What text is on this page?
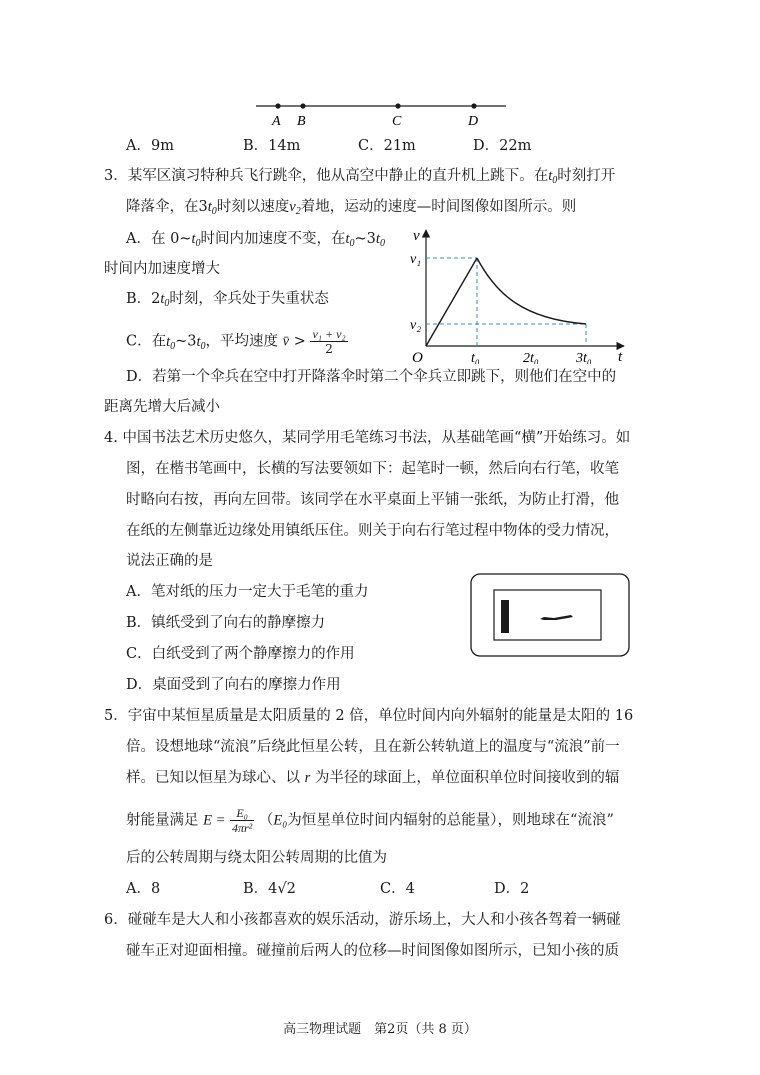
A B	C	D
A．9m	B．14m	C．21m	D．22m
3．某军区演习特种兵飞行跳伞，他从高空中静止的直升机上跳下。在$t_0$时刻打开
降落伞，在$3t_0$时刻以速度$v_2$着地，运动的速度—时间图像如图所示。则
A．在 $0\sim t_0$时间内加速度不变，在$t_0\sim 3t_0$
时间内加速度增大
B．$2t_0$时刻，伞兵处于失重状态
C．在$t_0\sim 3t_0$，平均速度 v̄ > $\frac{\text{v₁ + v₂}}{2}$
v
t
O
v₁
v₂
t₀	2t₀	3t₀
D．若第一个伞兵在空中打开降落伞时第二个伞兵立即跳下，则他们在空中的
距离先增大后减小
4. 中国书法艺术历史悠久，某同学用毛笔练习书法，从基础笔画“横”开始练习。如
图，在楷书笔画中，长横的写法要领如下：起笔时一顿，然后向右行笔，收笔
时略向右按，再向左回带。该同学在水平桌面上平铺一张纸，为防止打滑，他
在纸的左侧靠近边缘处用镇纸压住。则关于向右行笔过程中物体的受力情况，
说法正确的是
A．笔对纸的压力一定大于毛笔的重力
B．镇纸受到了向右的静摩擦力
C．白纸受到了两个静摩擦力的作用
D．桌面受到了向右的摩擦力作用
5．宇宙中某恒星质量是太阳质量的 2 倍，单位时间内向外辐射的能量是太阳的 16
倍。设想地球“流浪”后绕此恒星公转，且在新公转轨道上的温度与“流浪”前一
样。已知以恒星为球心、以 r 为半径的球面上，单位面积单位时间接收到的辐
射能量满足 $E = \frac{\text{E₀}}{\text{4πr²}} (E_0$为恒星单位时间内辐射的总能量），则地球在“流浪”
后的公转周期与绕太阳公转周期的比值为
A．8	B．4√2	C．4	D．2
6．碰碰车是大人和小孩都喜欢的娱乐活动，游乐场上，大人和小孩各驾着一辆碰
碰车正对迎面相撞。碰撞前后两人的位移—时间图像如图所示，已知小孩的质
高三物理试题　第2页（共 8 页）
